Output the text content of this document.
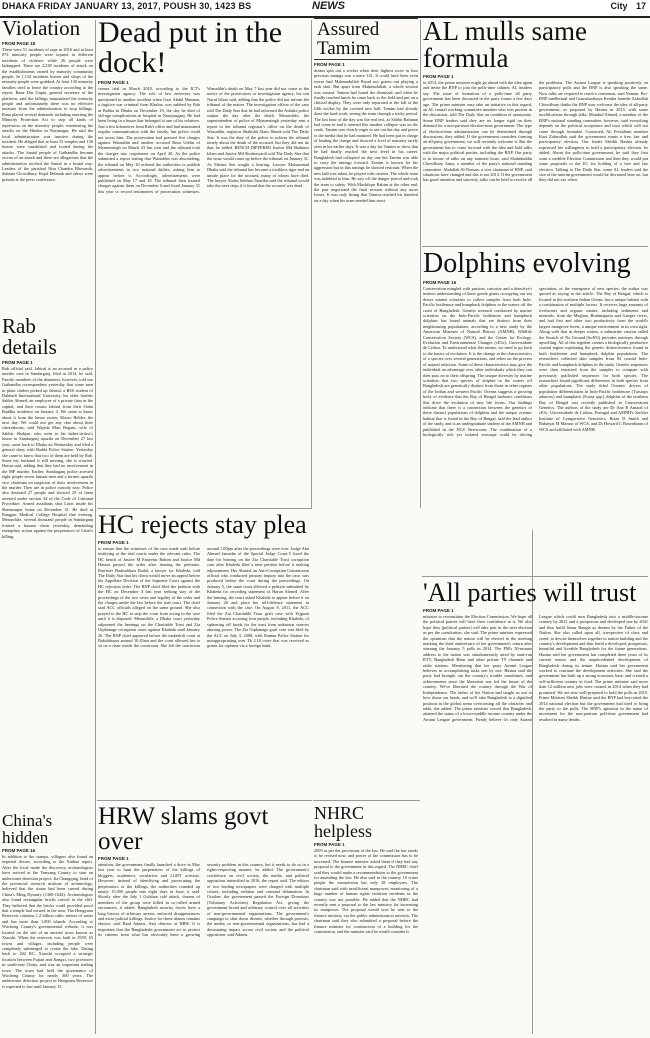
DHAKA FRIDAY JANUARY 13, 2017, POUSH 30, 1423 BS	NEWS	City 17
Violation
FROM PAGE 18
There were 51 incidents of rape in 2016 and at least 873 minority people were injured in different incidents of violence while 26 people were kidnapped. There are 2,238 incidents of attack on the establishments owned by minority community people. In 1,134 incidents homes and shops of the minority people were grabbed. At least 136 minority families tried to leave the country according to the report. Rana Das Gupta, general secretary of the platform, said the killings traumatised the minority people and unfortunately there was no effective measure from the administration to stop killings. Rana placed several demands including enacting the Minority Protection Act to stop all kinds of repression on the minority people, mentioning the attacks on the Hindus in Nasirnagar. He said the local administration was inactive during the incident. He alleged that at least 15 temples and 150 homes were vandalised and looted during the attacks. The Santal people of Gaibandha became victim of an attack and there are allegations that the administration torched the Santal in a brutal way. Leaders of the parishad Nim Chandra Bhowmik, Subrata Chowdhury, Kajal Debnath and others were present at the press conference.
Rab details
FROM PAGE 1
Rab official said. Jahirul is an accused in a police murder case in Sundarganj, filed in 2014, he said. Family members of the detainees, however, told our Gaibandha correspondent yesterday that some men in plain clothes picked up Jahirul, a BSS student of Dubhadi International University, his elder brother Sabbir Ahmed, an employee of a private firm in the capital, and their cousin Jahirul from their Oulai Baddha residence on January 4. We came to know about it from the house owner, Khoso Helder, the next day. We could not get any clue about their whereabouts, said Wajeda Mari Begum, wife of Sabbir. Shahjan, who went to his father-in-law's house in Sundarganj upazila on December 27 last year, came back to Dhaka on Wednesday and filed a general diary with Badda Police Station. Yesterday she came to know that two of them are held by Rab. Since my husband is still missing, she is worried. Harun said, adding that they had no involvement in the MP murder. Earlier, Sundarganj police arrested eight people seven Jamaat men and a former upazila vice chairman on suspicion of their involvement in the murder. They are in police custody now. Police also detained 27 people and showed 25 of them arrested under section 54 of the Code of Criminal Procedure. Armed assailants shot Liton inside his Shamsurpur home on December 31. He died at Rangpur Medical College Hospital that evening. Meanwhile, several thousand people in Sundarganj formed a human chain yesterday, demanding exemplary action against the perpetrators of Liton's killing.
China's hidden
FROM PAGE 16
In addition to the stamps, villagers also found an imperial decree, according to the Xinhua report. After the local made the discovery, archaeologists have arrived at the Yunyang County to start an underwater detection project. Jia Changqing, head of the provincial research institute of archaeology, believed that the statue had been carved during China's Ming Dynasty (1368-1644). Archaeologists also found rectangular bricks carved in the cliff. They believed that the bricks could provided proof that a temple had existed in the area. The Hongyuan Reservoir contains 1.2 billion cubic meters of water and has more than 1,000 islands. According to Wucheng County's governmental website, it was located on the site of an ancient town known as Xiaoshi. When the reservoir was built in 1959, 63 towns and villages, including people were completely submerged to create the lake. Dating back to 202 BC, Xiaoshi occupied a strategic location between Fujian and Jiangxi, two provinces in south-east China, and was an important trading town. The town had held the governance of Wucheng County for nearly 300 years. The underwater detection project in Hongmen Reservoir is expected to last until January 15.
Dead put in the dock!
FROM PAGE 1
crimes trial in March 2010, according to the ICT's investigation agency. The role of law enforcers was questioned in another incident when Gazi Abdul Mannan, a fugitive war criminal from Khulna, was nabbed by Rab at Balika in Dhaka on December 19, the day he died of old-age complications in hospital in Narayanganj. He had been living in a house that belonged to one of his relatives. Just a few kilometres from Rab's office and had maintained regular communication with the family, but police could not arrest him. The prosecution had pressed five charges against Wazuddin and another accused Reza Uddin of Mymensingh on March 23 last year and the tribunal took the charges into cognisance on April 20. As the police submitted a report stating that Wazuddin was absconding, the tribunal on May 10 ordered the authorities to publish advertisements in two national dailies, asking him to appear before it. Accordingly, advertisements were published on May 17 and 18. The tribunal then framed charges against them on December 6 and fixed January 31 this year to record testimonies of prosecution witnesses. Wazuddin's death on May 7 last year did not come to the notice of the prosecutors or investigation agency, his son Nurul Islam said, adding that the police did not inform the tribunal of the matter. The investigation officer of the case told The Daily Star that he had informed the Ashulia police station the day after the death. Meanwhile, the superintendent of police of Mymensingh yesterday sent a report to the tribunal registrar's office on the death of Wazuddin, registrar Shahidul Alam Jhinuk told The Daily Star. It was the duty of the police to inform the tribunal timely about the death of the accused, but they did not do that, he added. BENCH DIFFERED Justice Md Shahinur Islam and Justice Md Shohrawardi told The Daily Star that the issue would come up before the tribunal on January 31. As Pabitra Sen sought a hearing, Lawyer Mohammad Dhaka said the tribunal has become a toothless tiger and an unsafe place for the accused, many of whom have died. The lawyer Abdus Sobhan Tarafdar said the tribunal would take the next steps if it found that the accused was dead.
Assured Tamim
FROM PAGE 1
dream spin out a wicket when their highest score in four previous innings was a mere 141. It could have been even worse had Mahmudullah Riyad not gotten out playing a rash shot. But apart from Mahmudullah, a whole session was wasted. Tamim had found the dismissal, and when he finally reached lunch he came back to the field and put on a clinical display. They were only separated at the fall of the fifth wicket by the coveted new ball. Tamim had already done the hard work, seeing the team through a tricky period. The last hour of the day was the real test, as Sabbir Rahman had come in and it seemed like another collapse was on the cards. Tamim was clearly eager to see out the day and prove to the media that he had matured. He had been put in charge of leading the charge and showed a level of maturity rarely seen in his earlier days. It was a day for Tamim to show that he had finally reached the next level in his career. Bangladesh had collapsed on day one but Tamim was able to carry the innings forward. Tamim is known for his aggression but in this innings he showed restraint. When the new ball was taken, he played with caution. The whole team was indebted to him. He saw off the danger period and took the team to safety. With Mushfiqur Rahim at the other end, the pair negotiated the final session without any more losses. It was only fitting that Tamim reached his hundred on a day when his team needed him most.
NHRC helpless
FROM PAGE 1
2009 as per the provisions of the law. He said the law needs to be revised now, and power of the commission has to be increased. The finance minister asked them if they had any proposal to the government in this regard. The NHRC chief said they would make a recommendation to the government for amending the law. He also said in the country 10 crime people the commission has only 28 employees. The chairman said with insufficient manpower, monitoring of a huge number of human rights violation incidents in the country was not possible. He added that the NHRC had recently sent a proposal to the law ministry for increasing its manpower. The proposal would now be sent to the finance ministry via the public administration ministry. The chairman said they also submitted a proposal before the finance minister for construction of a building for the commission, and the minister said he would consider it.
AL mulls same formula
FROM PAGE 1
in 2013, the prime minister might go ahead with the idea again and invite the BNP to join the polls-time cabinet, AL insiders say. The issue of formation of a polls-time all party government has been discussed in the party forum a few days ago. The prime minister may take an initiative in this regard, an AL central working committee member who was present in the discussion, told The Daily Star on condition of anonymity. Some BNP leaders said they are no longer rigid on their demand for a non-partisan election-time government. The type of election-time administration can be determined through discussions, they added. If the government considers forming an all-party government, we will certainly welcome it. But the government has to come forward with the idea and hold talks with the major political parties, including the BNP. Our party is in favour of talks on any national issue, said Shahiduddin Chowdhury Anny, a member of the party's national standing committee. Abdullah Al-Noman, a vice chairman of BNP, said situations have changed and this is not 2013. If the government has good intention and sincerity, talks can be held to resolve all the problems. The Awami League is speaking positively on participatory polls and the BNP is also speaking the same. Now talks are required to reach a consensus, said Noman. Pro-BNP intellectual and Gonoshasthaya Kendra founder Zafrullah Chowdhury thinks the BNP may welcome the idea of all-party government, as proposed by Hasina in 2013, with some modifications through talks. Moudud Ahmed, a member of the BNP's national standing committee, however, said everything depends on the political acceptance and trust which will not come through formulae. Contacted, AL Presidium member Kazi Zafarullah said the government wants a free, fair and participatory election. Our leader Sheikh Hasina already expressed her willingness to hold a participatory election, he added. About the polls-time government, he said they first want a credible Election Commission and then they would put some proposals to the EC for holding of a free and fair election. Talking to The Daily Star, some AL leaders said the size of the interim government would be discussed later on, but they did not say when.
Dolphins evolving
FROM PAGE 16
Conservation mingled with passion, curiosity and a detective's instinct understanding of these gentle giants occupying our sea draws marine scientists to collect samples from both Indo-Pacific bottlenose and humpback dolphins in the waters off the coast of Bangladesh. Genetic research conducted by marine scientists on the Indo-Pacific bottlenose and humpback dolphins has found animals that are distinct from their neighbouring populations, according to a new study by the American Museum of Natural History (AMNH), Wildlife Conservation Society (WCS), and the Centre for Ecology, Evolution and Environmental Changes (cE3c), Universidade de Lisboa. To understand what this means, we need to go back to the basics of evolution. It is the change in the characteristics of a species over several generations, and relies on the process of natural selection. Some of these characteristics may give the individual an advantage over other individuals which they can then pass on to their offspring. The unique diversity by marine scientists that two species of dolphin in the waters off Bangladesh are genetically distinct from those in other regions of the Indian and western Pacific Oceans suggests a growing body of evidence that the Bay of Bengal harbours conditions that drive the evolution of new life forms. Our findings indicate that there is a connection between the genetics of these distinct populations of dolphins and the unique oceanic habitat that is found in the Bay of Bengal, said the lead author of the study, and is an undergraduate student of the AMNH and published in the NCS Newsroom. The combination of a biologically rich yet isolated seascape could be driving speciation, or the emergence of new species, the author was quoted as saying in the article. The Bay of Bengal, which is located in the northern Indian Ocean, has a unique habitat with a combination of multiple factors. It receives huge amounts of freshwater and organic matter, including sediments and minerals, from the Meghna, Brahmaputra and Ganges rivers, and had first and other two productivity from the world's largest mangrove forest, a unique environment in its own right. Along with that in deeper waters, a submarine canyon called the Swatch of No Ground (SoNG) provides nutrients through upwelling. All of this together creates a biologically productive coastal region explaining the genetic distinctiveness found in both bottlenose and humpback dolphin populations. The researchers collected skin samples from 82 coastal Indo-Pacific and humpback dolphins in the study. Genetic sequences were then extracted from the samples to compare with previously published sequences for both species. The researchers found significant differences in both species from other populations. The study titled Oceanic drivers of population differentiation in Indo-Pacific bottlenose (Tursiops aduncus) and humpback (Sousa spp.) dolphins of the northern Bay of Bengal was recently published in Conservation Genetics. The authors of the study are Dr Ana R Amaral of cE3c, Universidade de Lisboa, Portugal and AMNH's Sackler Institute of Comparative Genomics, Brian D Smith and Rubaiyat M Mansur of WCS, and Dr Howard C Rosenbaum of WCS and affiliated with AMNH.
HC rejects stay plea
FROM PAGE 1
to ensure that the witnesses of the case made oath before testifying at the trial courts under the relevant rules. The HC bench of Justice M Enayetur Rahim and Justice Md Hasnat passed the order after hearing the petitions. Barrister Badruddoza Badal, a lawyer for Khaleda, told The Daily Star that his client would move an appeal before the Appellate Division of the Supreme Court against the HC rejection order. The BNP chief filed the petition with the HC on December 4 last year seeking stay of the proceedings of the two cases and legality of the order and the charges under the law before the trial court. The chief said ACC officials alleged on the same ground. She also prayed to the HC to stop the court from acting in the case until it is disposed. Meanwhile, a Dhaka court yesterday adjourned the hearings on the Charitable Trust and Zia Orphanage corruption cases against Khaleda until January 26. The BNP chief appeared before the makeshift court at Bakshibazar around 10.45am and the court allowed her to sit on a chair inside the courtroom. She left the courtroom around 1.00pm after the proceedings were over. Judge Abu Ahmed Jamadar of the Special Judge Court-5 fixed the date for hearing on the Zia Charitable Trust corruption case after Khaleda filed a time petition before it seeking adjournment. Her Ahmed, an Anti-Corruption Commission official who conducted primary inquiry into the case, was produced before the court during the proceedings. On January 5, the same court allowed a petition submitted by Khaleda for recording statement of Harun Ahmed. After the hearing, the court asked Khaleda to appear before it on January 26 and place her self-defence statement in connection with the case. On August 8, 2011, the ACC filed the Zia Charitable Trust graft case with Tejgaon Police Station accusing four people, including Khaleda, of siphoning off funds for the trust from unknown sources abusing power. The Zia Orphanage graft case was filed by the ACC on July 3, 2008, with Ramna Police Station for misappropriating over Tk 2.10 crore that was received as grants for orphans via a foreign bank.
HRW slams govt over
FROM PAGE 1
attention, the government finally launched a drive in May last year to hunt the perpetrators of the killings of bloggers, academics, secularists and LGBT activists. However, instead of identifying and prosecuting the perpetrators of the killings, the authorities rounded up nearly 15,000 people into eight days in June, it said. Shortly after the July 1 Gulshan café attack, dozens of members of the group were killed in so-called armed encounters, it added. Bangladesh security forces have a long history of arbitrary arrests, enforced disappearances and extra-judicial killings. Justice for those abuses remains elusive, said Brad Adams, Asia director at HRW. It is important that the Bangladeshi government act to protect its citizens from what has obviously been a growing security problem in this country, but it needs to do so in a rights-respecting manner, he added. The government's crackdown on civil society, the media, and political opposition intensified in 2016, the report said. The editors of two leading newspapers were charged with multiple crimes, including sedition and criminal defamation. In October, the government passed the Foreign Donations (Voluntary Activities) Regulation Act, giving the government broad and arbitrary control over all activities of non-governmental organisations. The government's campaign to shut down dissent, whether through protests, the media, or non-governmental organisations, has had a devastating impact across civil society and the political opposition, said Adams.
'All parties will trust
FROM PAGE 1
minister to reconstitute the Election Commission. We hope all the political parties will have their confidence in it. We also hope they [political parties] will take part in the next election as per the constitution, she said. The prime minister expressed the optimism that the nation will be elected in the meeting marking the third anniversary of her government's return after winning the January 5 polls in 2014. The PM's 30-minute address to the nation was simultaneously aired by state-run BTV, Bangladesh Betar and other private TV channels and radio stations. Mentioning that her party Awami League believes in accomplishing tasks one by one, Hasina said the party had brought out the country's trouble sometimes, and achievements since the liberation war led the future of the country. We've liberated the country through the War of Independence. The father of the Nation had taught us not to bow down our heads, and we'll take Bangladesh to a dignified position in the global arena overcoming all the obstacles and odds, she added. The prime minister vowed that Bangladesh, attained the status of a lower-middle income country under the Awami League government. Firmly believe it's only Awami League which could turn Bangladesh into a middle-income country by 2021 and a prosperous and developed one by 2041 and thus build Sonar Bangla as dreamt by the Father of the Nation. She also called upon all, irrespective of class and creed, to devote themselves together to nation building and the country's development and thus build a developed, prosperous, beautiful and liveable Bangladesh for the future generations. Hasina said her government has completed three years of its current tenure and the unprecedented development of Bangladesh during its tenure. Hasina said her government worked to continue the development activities. She said the government has built up a strong economic base, and created a self-sufficient country in food. The prime minister said more than 12 million new jobs were created in 2014 when they had promised. We are now well-prepared to hold the polls in 2019. Prime Minister Sheikh Hasina said the BNP had boycotted the 2014 national election but the government had tried to bring the party to the polls. The BNP's agitation in the name of movement for the non-partisan poll-time government had resulted in many deaths.
